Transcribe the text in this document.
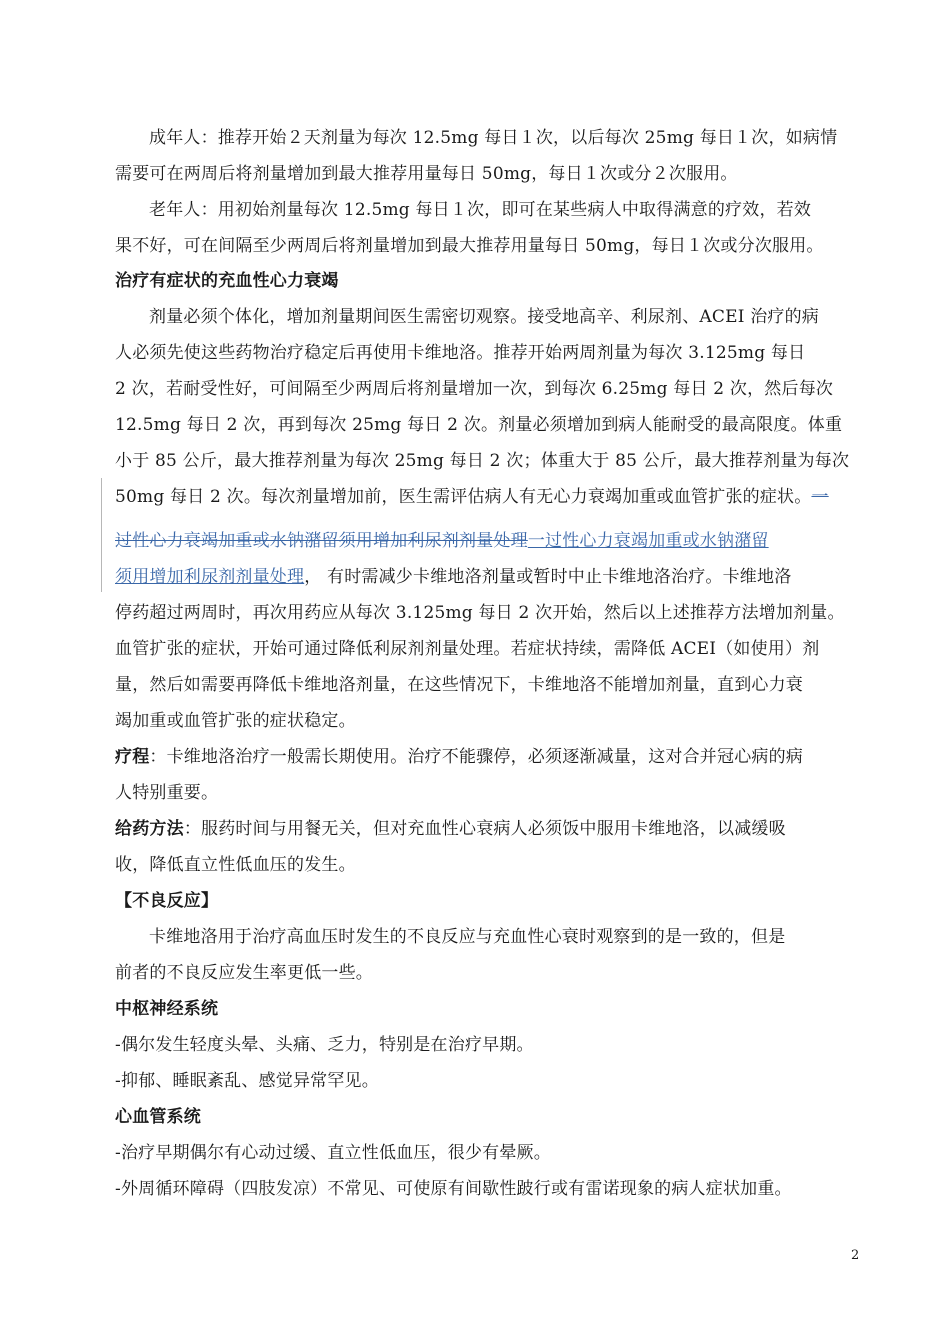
成年人：推荐开始２天剂量为每次 12.5mg 每日１次，以后每次 25mg 每日１次，如病情
需要可在两周后将剂量增加到最大推荐用量每日 50mg，每日１次或分２次服用。
老年人：用初始剂量每次 12.5mg 每日１次，即可在某些病人中取得满意的疗效，若效
果不好，可在间隔至少两周后将剂量增加到最大推荐用量每日 50mg，每日１次或分次服用。
治疗有症状的充血性心力衰竭
剂量必须个体化，增加剂量期间医生需密切观察。接受地高辛、利尿剂、ACEI 治疗的病
人必须先使这些药物治疗稳定后再使用卡维地洛。推荐开始两周剂量为每次 3.125mg 每日
2 次，若耐受性好，可间隔至少两周后将剂量增加一次，到每次 6.25mg 每日 2 次，然后每次
12.5mg 每日 2 次，再到每次 25mg 每日 2 次。剂量必须增加到病人能耐受的最高限度。体重
小于 85 公斤，最大推荐剂量为每次 25mg 每日 2 次；体重大于 85 公斤，最大推荐剂量为每次
50mg 每日 2 次。每次剂量增加前，医生需评估病人有无心力衰竭加重或血管扩张的症状。一
过性心力衰竭加重或水钠潴留须用增加利尿剂剂量处理一过性心力衰竭加重或水钠潴留
须用增加利尿剂剂量处理， 有时需减少卡维地洛剂量或暂时中止卡维地洛治疗。卡维地洛
停药超过两周时，再次用药应从每次 3.125mg 每日 2 次开始，然后以上述推荐方法增加剂量。
血管扩张的症状，开始可通过降低利尿剂剂量处理。若症状持续，需降低 ACEI（如使用）剂
量，然后如需要再降低卡维地洛剂量，在这些情况下，卡维地洛不能增加剂量，直到心力衰
竭加重或血管扩张的症状稳定。
疗程：卡维地洛治疗一般需长期使用。治疗不能骤停，必须逐渐减量，这对合并冠心病的病
人特别重要。
给药方法：服药时间与用餐无关，但对充血性心衰病人必须饭中服用卡维地洛，以减缓吸
收，降低直立性低血压的发生。
【不良反应】
卡维地洛用于治疗高血压时发生的不良反应与充血性心衰时观察到的是一致的，但是
前者的不良反应发生率更低一些。
中枢神经系统
-偶尔发生轻度头晕、头痛、乏力，特别是在治疗早期。
-抑郁、睡眠紊乱、感觉异常罕见。
心血管系统
-治疗早期偶尔有心动过缓、直立性低血压，很少有晕厥。
-外周循环障碍（四肢发凉）不常见、可使原有间歇性跛行或有雷诺现象的病人症状加重。
2
